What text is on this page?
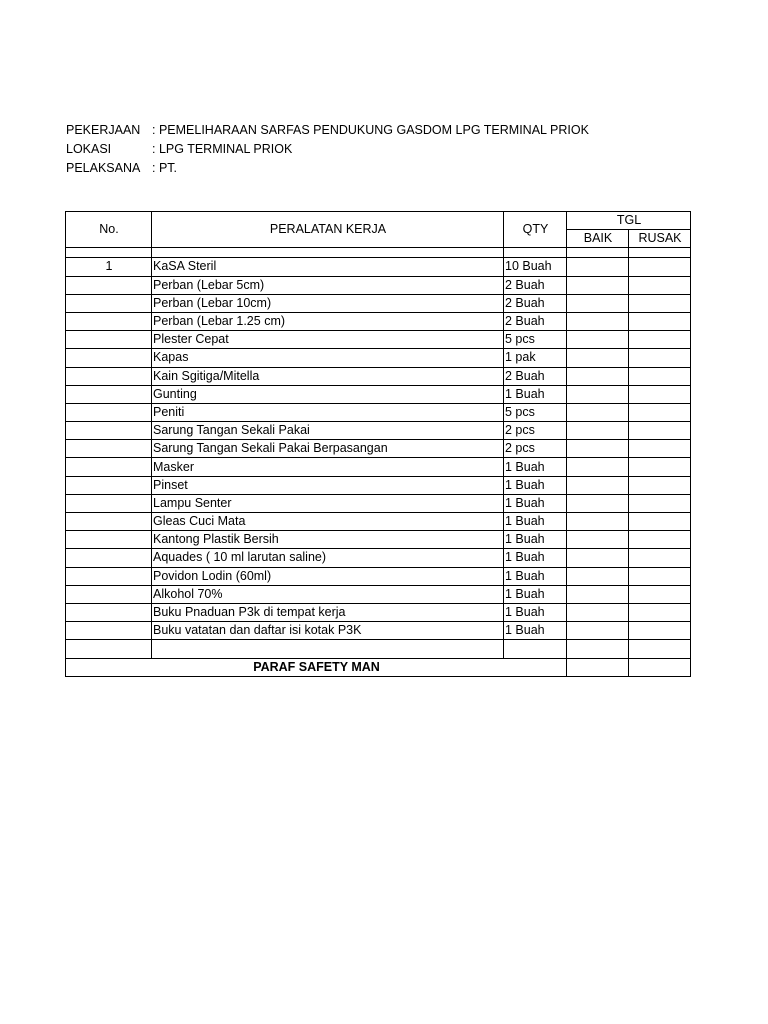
PEKERJAAN : PEMELIHARAAN SARFAS PENDUKUNG GASDOM LPG TERMINAL PRIOK
LOKASI	: LPG TERMINAL PRIOK
PELAKSANA : PT.
No.	PERALATAN KERJA	QTY	TGL	
			BAIK	RUSAK

1	KaSA Steril	10 Buah		
	Perban (Lebar 5cm)	2 Buah		
	Perban (Lebar 10cm)	2 Buah		
	Perban (Lebar 1.25 cm)	2 Buah		
	Plester Cepat	5 pcs		
	Kapas	1 pak		
	Kain Sgitiga/Mitella	2 Buah		
	Gunting	1 Buah		
	Peniti	5 pcs		
	Sarung Tangan Sekali Pakai	2 pcs		
	Sarung Tangan Sekali Pakai Berpasangan	2 pcs		
	Masker	1 Buah		
	Pinset	1 Buah		
	Lampu Senter	1 Buah		
	Gleas Cuci Mata	1 Buah		
	Kantong Plastik Bersih	1 Buah		
	Aquades ( 10 ml larutan saline)	1 Buah		
	Povidon Lodin (60ml)	1 Buah		
	Alkohol 70%	1 Buah		
	Buku Pnaduan P3k di tempat kerja	1 Buah		
	Buku vatatan dan daftar isi kotak P3K	1 Buah		

PARAF SAFETY MAN				
